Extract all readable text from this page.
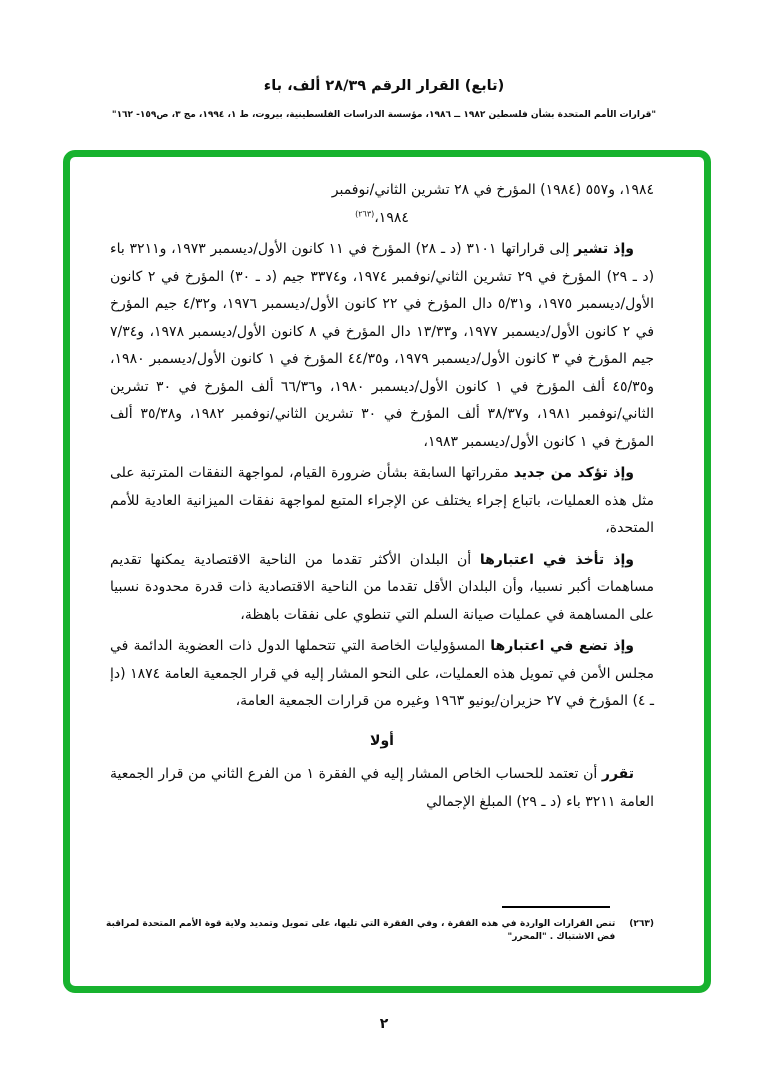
(تابع) القرار الرقم ٢٨/٣٩ ألف، باء
"قرارات الأمم المتحدة بشأن فلسطين ١٩٨٢ ــ ١٩٨٦، مؤسسة الدراسات الفلسطينية، بيروت، ط ١، ١٩٩٤، مج ٣، ص١٥٩- ١٦٢"
١٩٨٤، و٥٥٧ (١٩٨٤) المؤرخ في ٢٨ تشرين الثاني/نوفمبر
١٩٨٤،$^{(٢٦٣)}$

وإذ تشير إلى قراراتها ٣١٠١ (د ـ ٢٨) المؤرخ في ١١ كانون الأول/ديسمبر ١٩٧٣، و٣٢١١ باء (د ـ ٢٩) المؤرخ في ٢٩ تشرين الثاني/نوفمبر ١٩٧٤، و٣٣٧٤ جيم (د ـ ٣٠) المؤرخ في ٢ كانون الأول/ديسمبر ١٩٧٥، و٥/٣١ دال المؤرخ في ٢٢ كانون الأول/ديسمبر ١٩٧٦، و٤/٣٢ جيم المؤرخ في ٢ كانون الأول/ديسمبر ١٩٧٧، و١٣/٣٣ دال المؤرخ في ٨ كانون الأول/ديسمبر ١٩٧٨، و٧/٣٤ جيم المؤرخ في ٣ كانون الأول/ديسمبر ١٩٧٩، و٤٤/٣٥ المؤرخ في ١ كانون الأول/ديسمبر ١٩٨٠، و٤٥/٣٥ ألف المؤرخ في ١ كانون الأول/ديسمبر ١٩٨٠، و٦٦/٣٦ ألف المؤرخ في ٣٠ تشرين الثاني/نوفمبر ١٩٨١، و٣٨/٣٧ ألف المؤرخ في ٣٠ تشرين الثاني/نوفمبر ١٩٨٢، و٣٥/٣٨ ألف المؤرخ في ١ كانون الأول/ديسمبر ١٩٨٣،

وإذ تؤكد من جديد مقرراتها السابقة بشأن ضرورة القيام، لمواجهة النفقات المترتبة على مثل هذه العمليات، باتباع إجراء يختلف عن الإجراء المتبع لمواجهة نفقات الميزانية العادية للأمم المتحدة،

وإذ تأخذ في اعتبارها أن البلدان الأكثر تقدما من الناحية الاقتصادية يمكنها تقديم مساهمات أكبر نسبيا، وأن البلدان الأقل تقدما من الناحية الاقتصادية ذات قدرة محدودة نسبيا على المساهمة في عمليات صيانة السلم التي تنطوي على نفقات باهظة،

وإذ تضع في اعتبارها المسؤوليات الخاصة التي تتحملها الدول ذات العضوية الدائمة في مجلس الأمن في تمويل هذه العمليات، على النحو المشار إليه في قرار الجمعية العامة ١٨٧٤ (دإ ـ ٤) المؤرخ في ٢٧ حزيران/يونيو ١٩٦٣ وغيره من قرارات الجمعية العامة،

أولا

تقرر أن تعتمد للحساب الخاص المشار إليه في الفقرة ١ من الفرع الثاني من قرار الجمعية العامة ٣٢١١ باء (د ـ ٢٩) المبلغ الإجمالي

(٢٦٣)
تنص القرارات الواردة في هذه الفقرة ، وفي الفقرة التي تليها، على تمويل وتمديد ولاية قوة الأمم المتحدة لمراقبة فض الاشتباك . "المحرر"
٢
